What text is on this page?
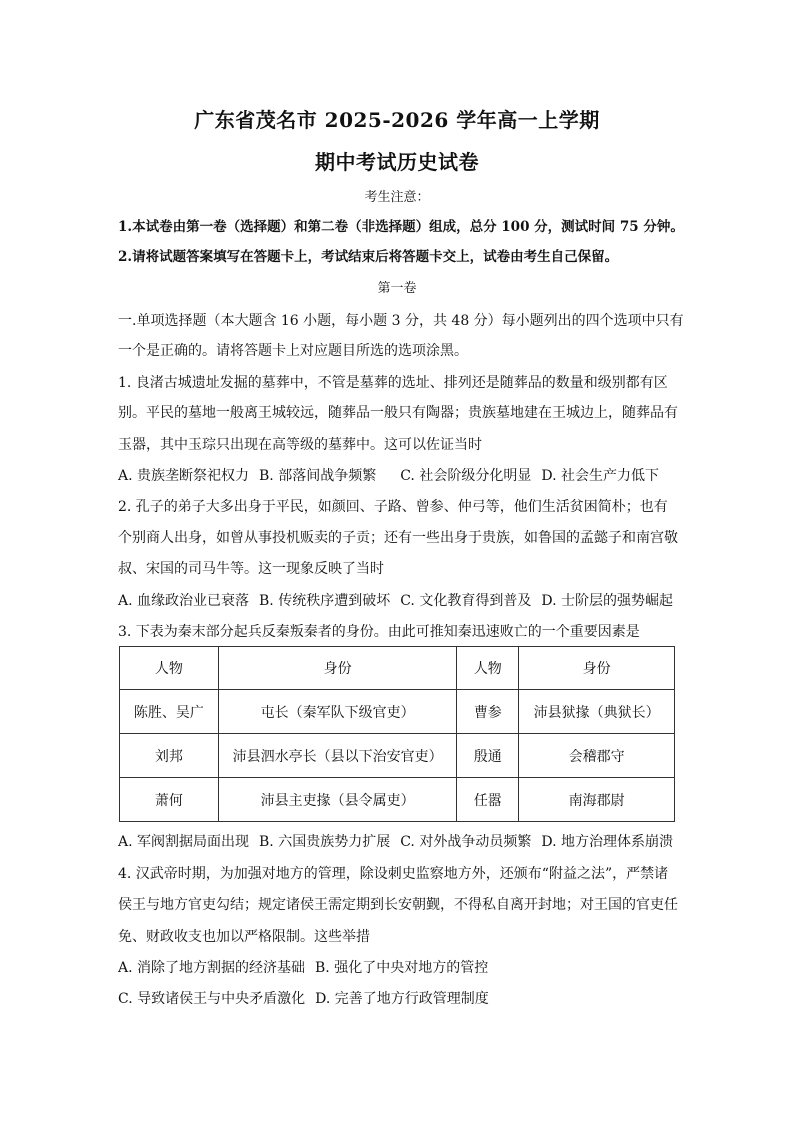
广东省茂名市 2025-2026 学年高一上学期
期中考试历史试卷
考生注意：
1.本试卷由第一卷（选择题）和第二卷（非选择题）组成，总分 100 分，测试时间 75 分钟。
2.请将试题答案填写在答题卡上，考试结束后将答题卡交上，试卷由考生自己保留。
第一卷
一.单项选择题（本大题含 16 小题，每小题 3 分，共 48 分）每小题列出的四个选项中只有
一个是正确的。请将答题卡上对应题目所选的选项涂黑。
1. 良渚古城遗址发掘的墓葬中，不管是墓葬的选址、排列还是随葬品的数量和级别都有区
别。平民的墓地一般离王城较远，随葬品一般只有陶器；贵族墓地建在王城边上，随葬品有
玉器，其中玉琮只出现在高等级的墓葬中。这可以佐证当时
A. 贵族垄断祭祀权力 B. 部落间战争频繁 C. 社会阶级分化明显 D. 社会生产力低下
2. 孔子的弟子大多出身于平民，如颜回、子路、曾参、仲弓等，他们生活贫困简朴；也有
个别商人出身，如曾从事投机贩卖的子贡；还有一些出身于贵族，如鲁国的孟懿子和南宫敬
叔、宋国的司马牛等。这一现象反映了当时
A. 血缘政治业已衰落 B. 传统秩序遭到破坏 C. 文化教育得到普及 D. 士阶层的强势崛起
3. 下表为秦末部分起兵反秦叛秦者的身份。由此可推知秦迅速败亡的一个重要因素是
人物	身份	人物	身份
陈胜、吴广	屯长（秦军队下级官吏）	曹参	沛县狱掾（典狱长）
刘邦	沛县泗水亭长（县以下治安官吏）	殷通	会稽郡守
萧何	沛县主吏掾（县令属吏）	任嚣	南海郡尉
A. 军阀割据局面出现 B. 六国贵族势力扩展 C. 对外战争动员频繁 D. 地方治理体系崩溃
4. 汉武帝时期，为加强对地方的管理，除设刺史监察地方外，还颁布“附益之法”，严禁诸
侯王与地方官吏勾结；规定诸侯王需定期到长安朝觐，不得私自离开封地；对王国的官吏任
免、财政收支也加以严格限制。这些举措
A. 消除了地方割据的经济基础 B. 强化了中央对地方的管控
C. 导致诸侯王与中央矛盾激化 D. 完善了地方行政管理制度
